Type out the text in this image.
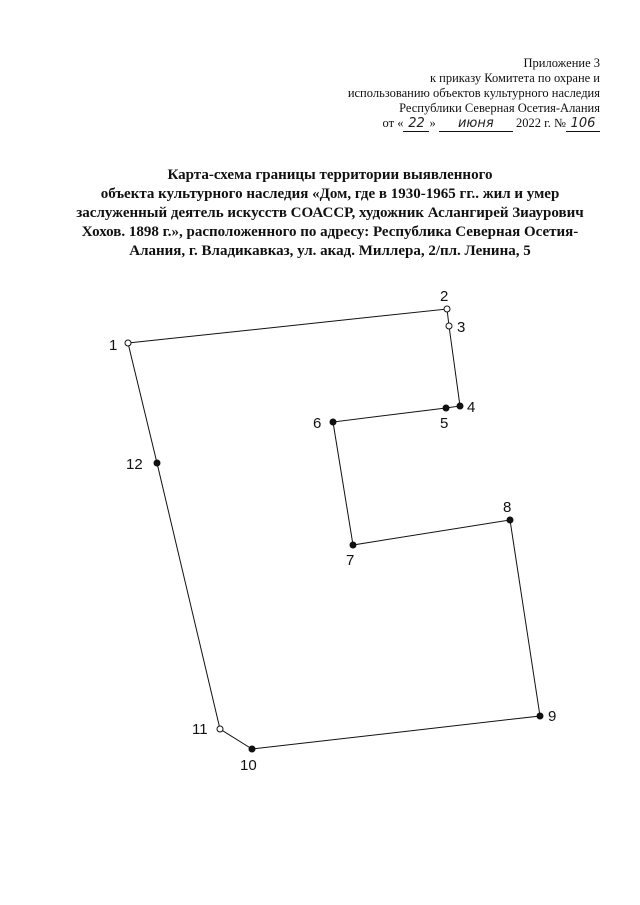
Приложение 3
к приказу Комитета по охране и
использованию объектов культурного наследия
Республики Северная Осетия-Алания
от « 22 » июня 2022 г. № 106
Карта-схема границы территории выявленного
объекта культурного наследия «Дом, где в 1930-1965 гг.. жил и умер
заслуженный деятель искусств СОАССР, художник Аслангирей Зиаурович
Хохов. 1898 г.», расположенного по адресу: Республика Северная Осетия-
Алания, г. Владикавказ, ул. акад. Миллера, 2/пл. Ленина, 5
1
2
3
4
5
6
7
8
9
10
11
12
